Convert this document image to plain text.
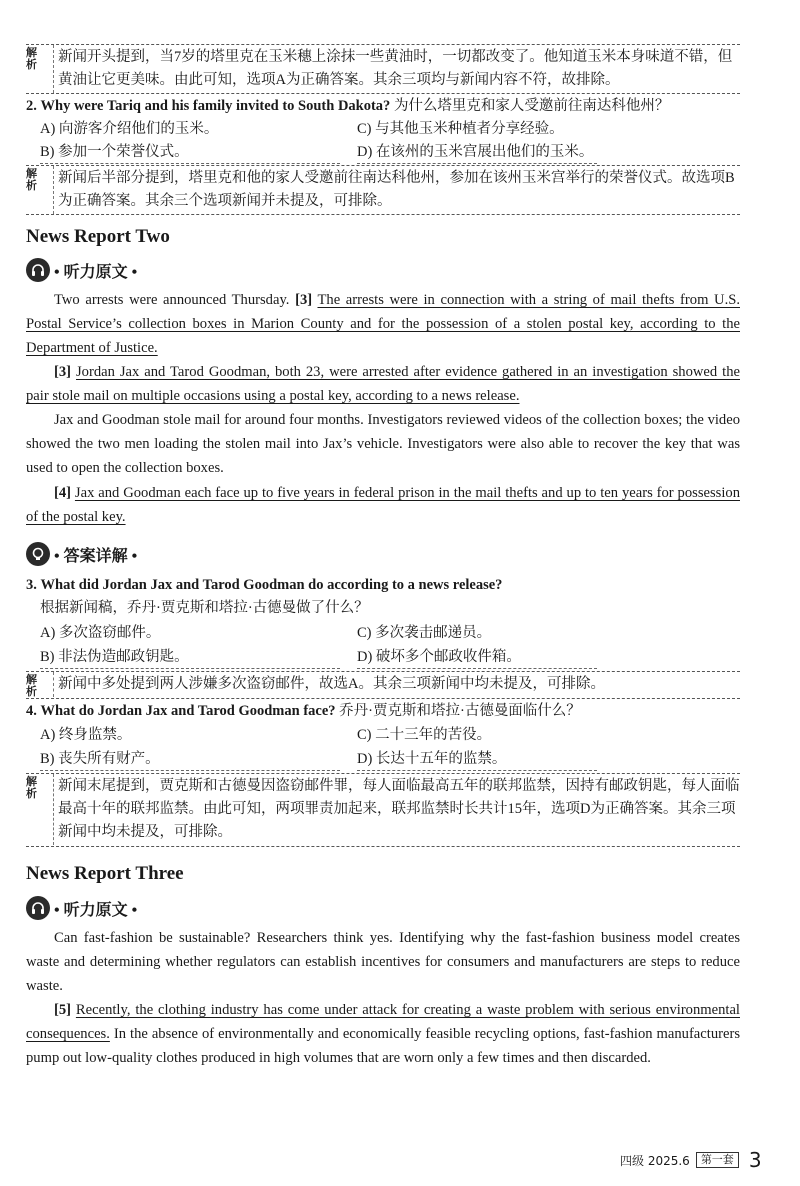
解析	新闻开头提到，当7岁的塔里克在玉米穗上涂抹一些黄油时，一切都改变了。他知道玉米本身味道不错，但黄油让它更美味。由此可知，选项A为正确答案。其余三项均与新闻内容不符，故排除。
2. Why were Tariq and his family invited to South Dakota? 为什么塔里克和家人受邀前往南达科他州？
A) 向游客介绍他们的玉米。	C) 与其他玉米种植者分享经验。
B) 参加一个荣誉仪式。	D) 在该州的玉米宫展出他们的玉米。
解析	新闻后半部分提到，塔里克和他的家人受邀前往南达科他州，参加在该州玉米宫举行的荣誉仪式。故选项B为正确答案。其余三个选项新闻并未提及，可排除。
News Report Two
• 听力原文 •
Two arrests were announced Thursday. [3] The arrests were in connection with a string of mail thefts from U.S. Postal Service’s collection boxes in Marion County and for the possession of a stolen postal key, according to the Department of Justice.
[3] Jordan Jax and Tarod Goodman, both 23, were arrested after evidence gathered in an investigation showed the pair stole mail on multiple occasions using a postal key, according to a news release.
Jax and Goodman stole mail for around four months. Investigators reviewed videos of the collection boxes; the video showed the two men loading the stolen mail into Jax’s vehicle. Investigators were also able to recover the key that was used to open the collection boxes.
[4] Jax and Goodman each face up to five years in federal prison in the mail thefts and up to ten years for possession of the postal key.
• 答案详解 •
3. What did Jordan Jax and Tarod Goodman do according to a news release?
根据新闻稿，乔丹·贾克斯和塔拉·古德曼做了什么？
A) 多次盗窃邮件。	C) 多次袭击邮递员。
B) 非法伪造邮政钥匙。	D) 破坏多个邮政收件箱。
解析	新闻中多处提到两人涉嫌多次盗窃邮件，故选A。其余三项新闻中均未提及，可排除。
4. What do Jordan Jax and Tarod Goodman face? 乔丹·贾克斯和塔拉·古德曼面临什么？
A) 终身监禁。	C) 二十三年的苦役。
B) 丧失所有财产。	D) 长达十五年的监禁。
解析	新闻末尾提到，贾克斯和古德曼因盗窃邮件罪，每人面临最高五年的联邦监禁，因持有邮政钥匙，每人面临最高十年的联邦监禁。由此可知，两项罪责加起来，联邦监禁时长共计15年，选项D为正确答案。其余三项新闻中均未提及，可排除。
News Report Three
• 听力原文 •
Can fast-fashion be sustainable? Researchers think yes. Identifying why the fast-fashion business model creates waste and determining whether regulators can establish incentives for consumers and manufacturers are steps to reduce waste.
[5] Recently, the clothing industry has come under attack for creating a waste problem with serious environmental consequences. In the absence of environmentally and economically feasible recycling options, fast-fashion manufacturers pump out low-quality clothes produced in high volumes that are worn only a few times and then discarded.
四级 2025.6	第一套 3
